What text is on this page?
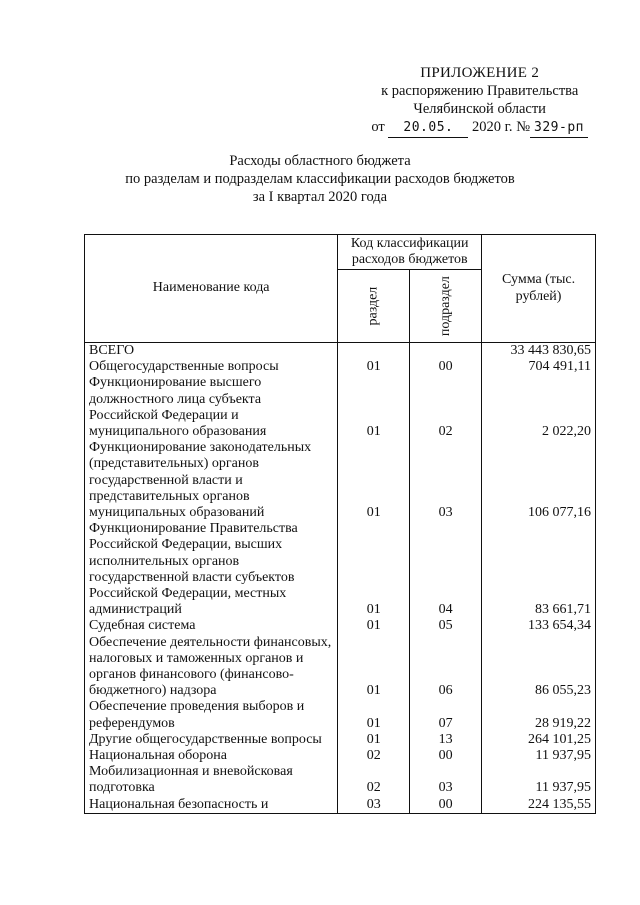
ПРИЛОЖЕНИЕ 2
к распоряжению Правительства
Челябинской области
от 20.05. 2020 г. № 329-рп
Расходы областного бюджета
по разделам и подразделам классификации расходов бюджетов
за I квартал 2020 года
Наименование кода	Код классификации расходов бюджетов		Сумма (тыс. рублей)
	раздел	подраздел	
ВСЕГО			33 443 830,65
Общегосударственные вопросы	01	00	704 491,11
Функционирование высшего должностного лица субъекта Российской Федерации и муниципального образования	01	02	2 022,20
Функционирование законодательных (представительных) органов государственной власти и представительных органов муниципальных образований	01	03	106 077,16
Функционирование Правительства Российской Федерации, высших исполнительных органов государственной власти субъектов Российской Федерации, местных администраций	01	04	83 661,71
Судебная система	01	05	133 654,34
Обеспечение деятельности финансовых, налоговых и таможенных органов и органов финансового (финансово-бюджетного) надзора	01	06	86 055,23
Обеспечение проведения выборов и референдумов	01	07	28 919,22
Другие общегосударственные вопросы	01	13	264 101,25
Национальная оборона	02	00	11 937,95
Мобилизационная и вневойсковая подготовка	02	03	11 937,95
Национальная безопасность и	03	00	224 135,55
